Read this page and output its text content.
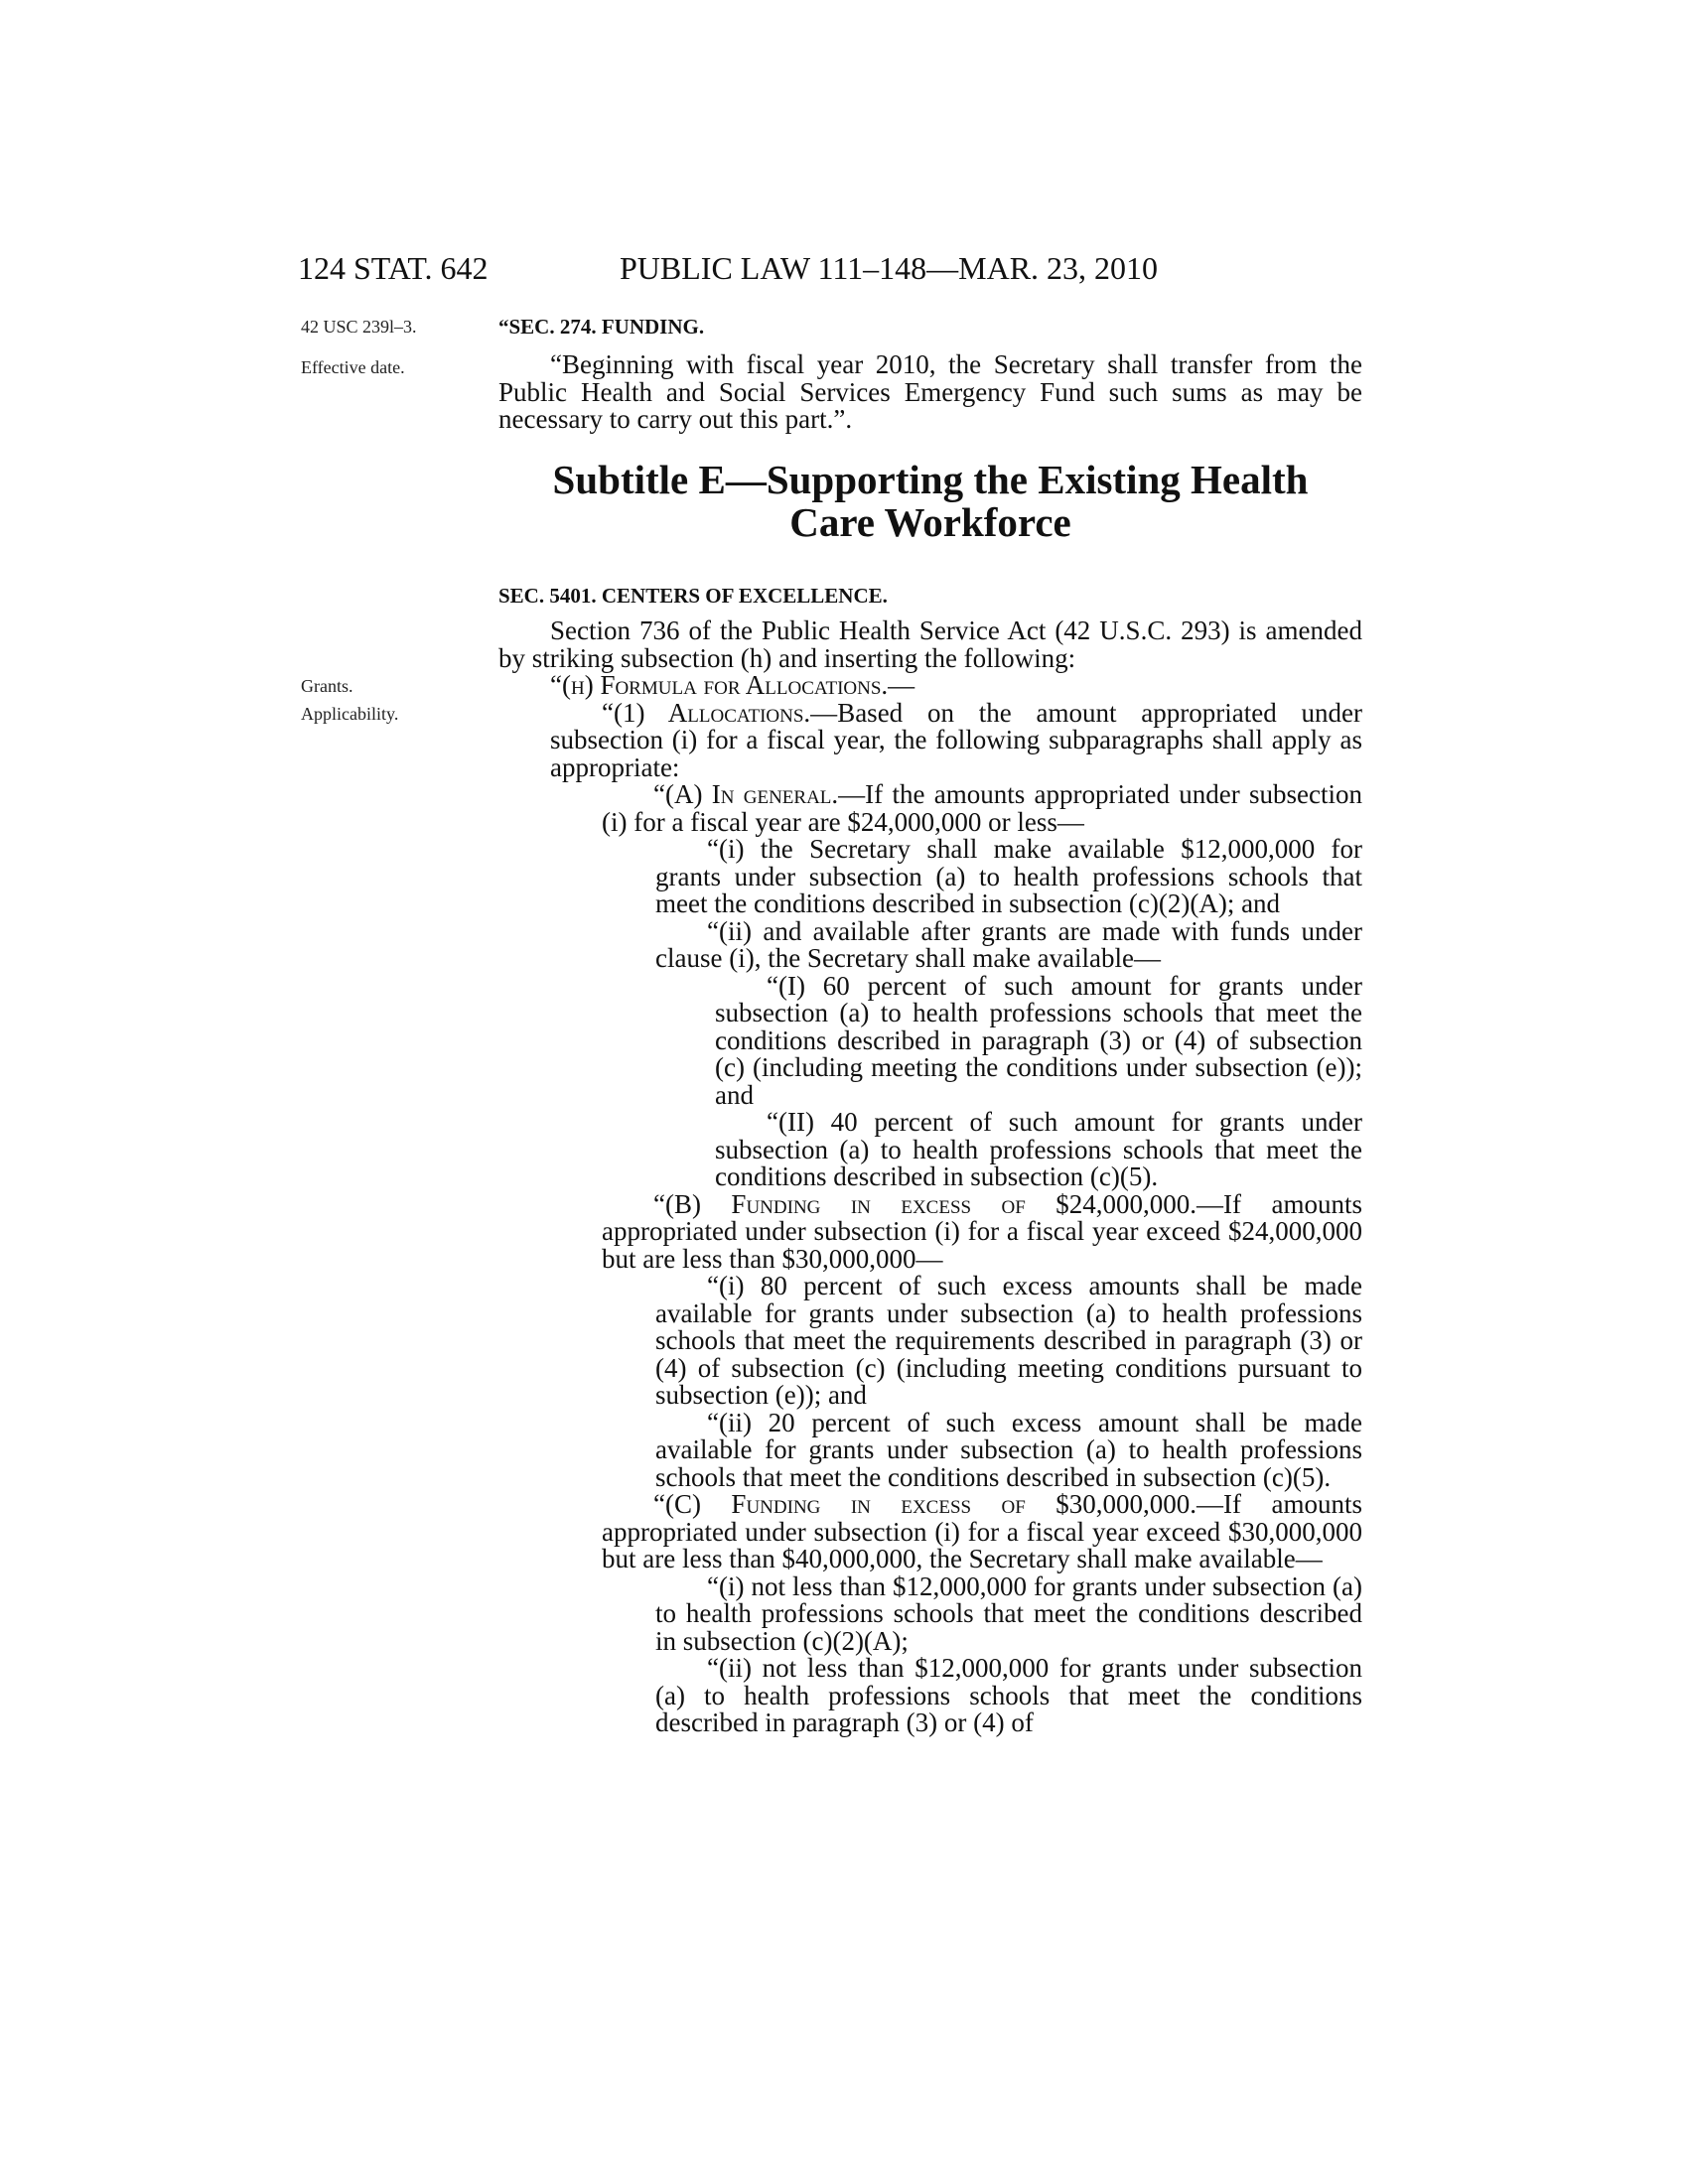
124 STAT. 642	PUBLIC LAW 111–148—MAR. 23, 2010
42 USC 239l–3.
Effective date.
Grants.
Applicability.
“SEC. 274. FUNDING.

“Beginning with fiscal year 2010, the Secretary shall transfer from the Public Health and Social Services Emergency Fund such sums as may be necessary to carry out this part.”.

Subtitle E—Supporting the Existing Health
Care Workforce
SEC. 5401. CENTERS OF EXCELLENCE.

Section 736 of the Public Health Service Act (42 U.S.C. 293) is amended by striking subsection (h) and inserting the following:

“(h) Formula for Allocations.—

“(1) Allocations.—Based on the amount appropriated under subsection (i) for a fiscal year, the following subparagraphs shall apply as appropriate:

“(A) In general.—If the amounts appropriated under subsection (i) for a fiscal year are $24,000,000 or less—

“(i) the Secretary shall make available $12,000,000 for grants under subsection (a) to health professions schools that meet the conditions described in subsection (c)(2)(A); and

“(ii) and available after grants are made with funds under clause (i), the Secretary shall make available—

“(I) 60 percent of such amount for grants under subsection (a) to health professions schools that meet the conditions described in paragraph (3) or (4) of subsection (c) (including meeting the conditions under subsection (e)); and

“(II) 40 percent of such amount for grants under subsection (a) to health professions schools that meet the conditions described in subsection (c)(5).

“(B) Funding in excess of $24,000,000.—If amounts appropriated under subsection (i) for a fiscal year exceed $24,000,000 but are less than $30,000,000—

“(i) 80 percent of such excess amounts shall be made available for grants under subsection (a) to health professions schools that meet the requirements described in paragraph (3) or (4) of subsection (c) (including meeting conditions pursuant to subsection (e)); and

“(ii) 20 percent of such excess amount shall be made available for grants under subsection (a) to health professions schools that meet the conditions described in subsection (c)(5).

“(C) Funding in excess of $30,000,000.—If amounts appropriated under subsection (i) for a fiscal year exceed $30,000,000 but are less than $40,000,000, the Secretary shall make available—

“(i) not less than $12,000,000 for grants under subsection (a) to health professions schools that meet the conditions described in subsection (c)(2)(A);

“(ii) not less than $12,000,000 for grants under subsection (a) to health professions schools that meet the conditions described in paragraph (3) or (4) of
